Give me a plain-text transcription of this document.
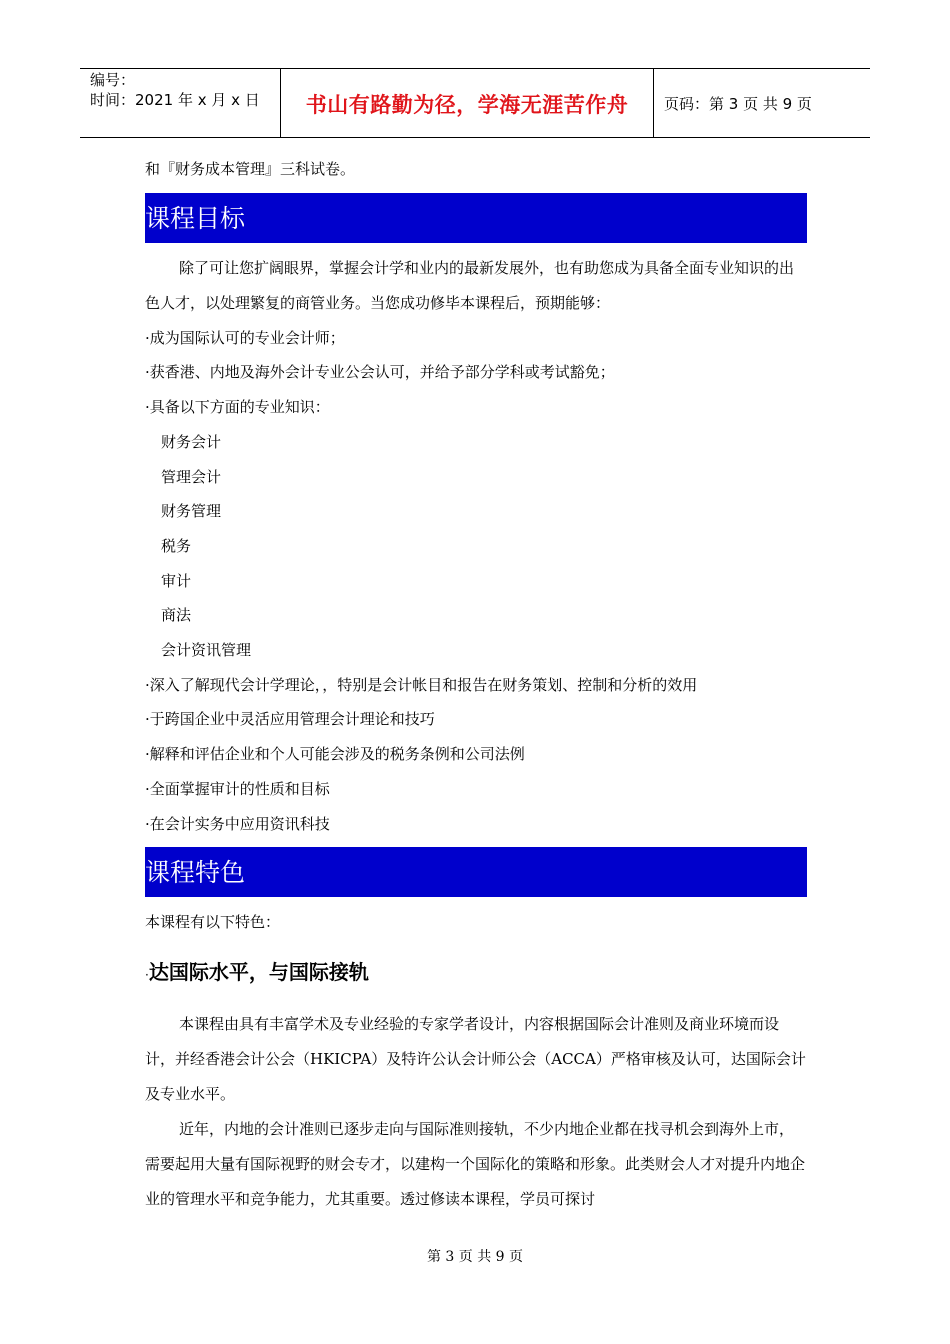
编号：
时间：2021 年 x 月 x 日	书山有路勤为径，学海无涯苦作舟	页码：第 3 页 共 9 页

和『财务成本管理』三科试卷。

课程目标

除了可让您扩阔眼界，掌握会计学和业内的最新发展外，也有助您成为具备全面专业知识的出色人才，以处理繁复的商管业务。当您成功修毕本课程后，预期能够：

·成为国际认可的专业会计师；

·获香港、内地及海外会计专业公会认可，并给予部分学科或考试豁免；

·具备以下方面的专业知识：

财务会计

管理会计

财务管理

税务

审计

商法

会计资讯管理

·深入了解现代会计学理论，，特别是会计帐目和报告在财务策划、控制和分析的效用

·于跨国企业中灵活应用管理会计理论和技巧

·解释和评估企业和个人可能会涉及的税务条例和公司法例

·全面掌握审计的性质和目标

·在会计实务中应用资讯科技

课程特色

本课程有以下特色：

·达国际水平，与国际接轨

本课程由具有丰富学术及专业经验的专家学者设计，内容根据国际会计准则及商业环境而设计，并经香港会计公会（HKICPA）及特许公认会计师公会（ACCA）严格审核及认可，达国际会计及专业水平。

近年，内地的会计准则已逐步走向与国际准则接轨，不少内地企业都在找寻机会到海外上市，需要起用大量有国际视野的财会专才，以建构一个国际化的策略和形象。此类财会人才对提升内地企业的管理水平和竞争能力，尤其重要。透过修读本课程，学员可探讨

第 3 页 共 9 页
